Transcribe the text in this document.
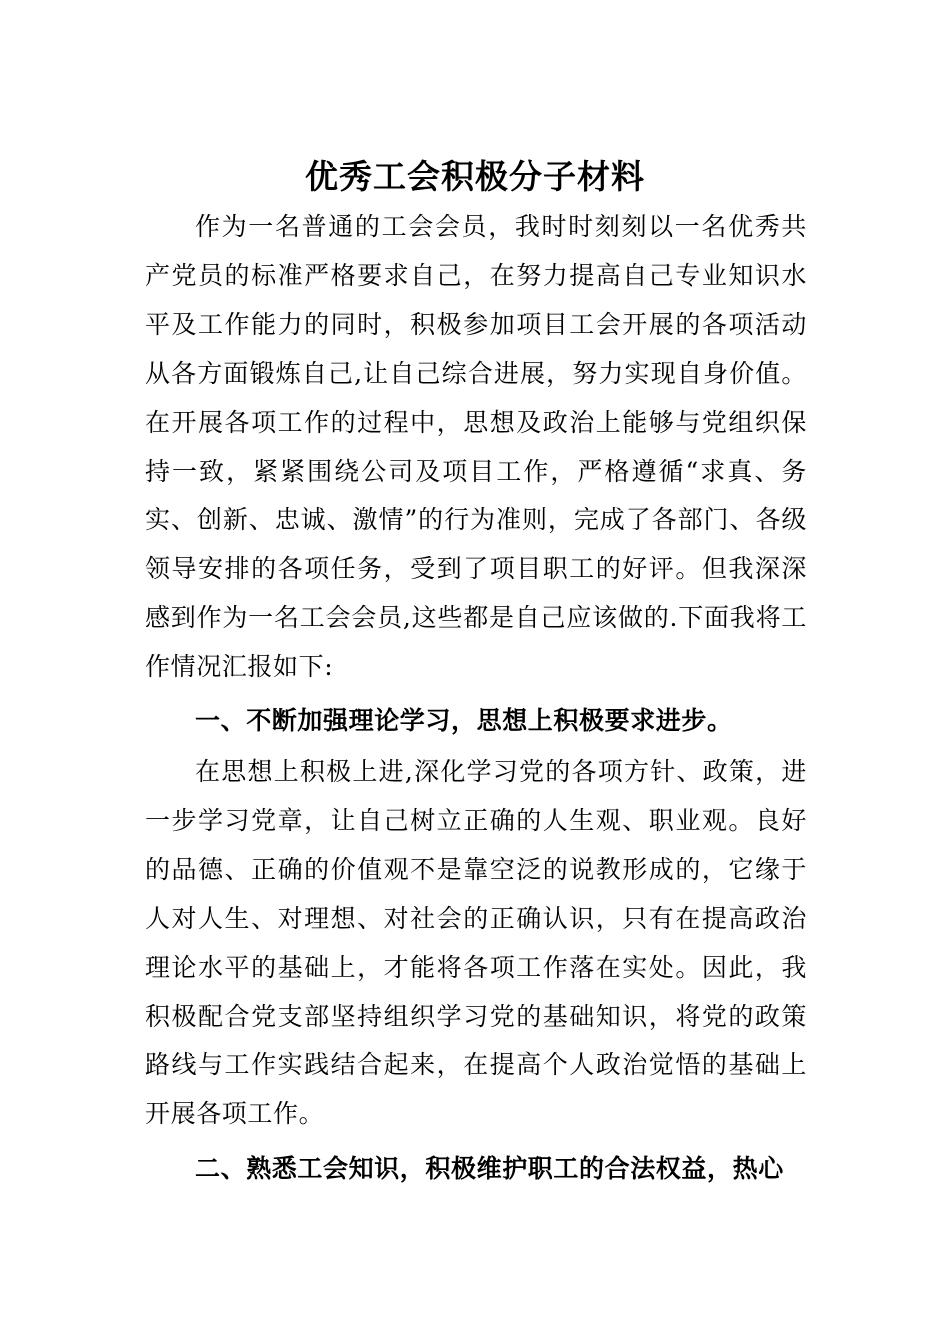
优秀工会积极分子材料

作为一名普通的工会会员，我时时刻刻以一名优秀共产党员的标准严格要求自己，在努力提高自己专业知识水平及工作能力的同时，积极参加项目工会开展的各项活动从各方面锻炼自己,让自己综合进展，努力实现自身价值。在开展各项工作的过程中，思想及政治上能够与党组织保持一致，紧紧围绕公司及项目工作，严格遵循“求真、务实、创新、忠诚、激情”的行为准则，完成了各部门、各级领导安排的各项任务，受到了项目职工的好评。但我深深感到作为一名工会会员,这些都是自己应该做的.下面我将工作情况汇报如下:

一、不断加强理论学习，思想上积极要求进步。

在思想上积极上进,深化学习党的各项方针、政策，进一步学习党章，让自己树立正确的人生观、职业观。良好的品德、正确的价值观不是靠空泛的说教形成的，它缘于人对人生、对理想、对社会的正确认识，只有在提高政治理论水平的基础上，才能将各项工作落在实处。因此，我积极配合党支部坚持组织学习党的基础知识，将党的政策路线与工作实践结合起来，在提高个人政治觉悟的基础上开展各项工作。

二、熟悉工会知识，积极维护职工的合法权益，热心
